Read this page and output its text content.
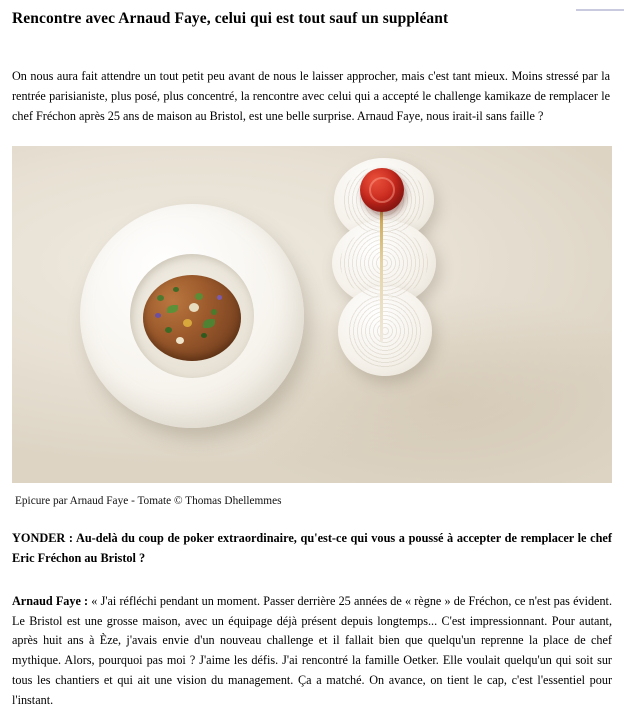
Rencontre avec Arnaud Faye, celui qui est tout sauf un suppléant

On nous aura fait attendre un tout petit peu avant de nous le laisser approcher, mais c'est tant mieux. Moins stressé par la rentrée parisianiste, plus posé, plus concentré, la rencontre avec celui qui a accepté le challenge kamikaze de remplacer le chef Fréchon après 25 ans de maison au Bristol, est une belle surprise. Arnaud Faye, nous irait-il sans faille ?

Epicure par Arnaud Faye - Tomate © Thomas Dhellemmes

YONDER : Au-delà du coup de poker extraordinaire, qu'est-ce qui vous a poussé à accepter de remplacer le chef Eric Fréchon au Bristol ?

Arnaud Faye : « J'ai réfléchi pendant un moment. Passer derrière 25 années de « règne » de Fréchon, ce n'est pas évident. Le Bristol est une grosse maison, avec un équipage déjà présent depuis longtemps... C'est impressionnant. Pour autant, après huit ans à Èze, j'avais envie d'un nouveau challenge et il fallait bien que quelqu'un reprenne la place de chef mythique. Alors, pourquoi pas moi ? J'aime les défis. J'ai rencontré la famille Oetker. Elle voulait quelqu'un qui soit sur tous les chantiers et qui ait une vision du management. Ça a matché. On avance, on tient le cap, c'est l'essentiel pour l'instant.
